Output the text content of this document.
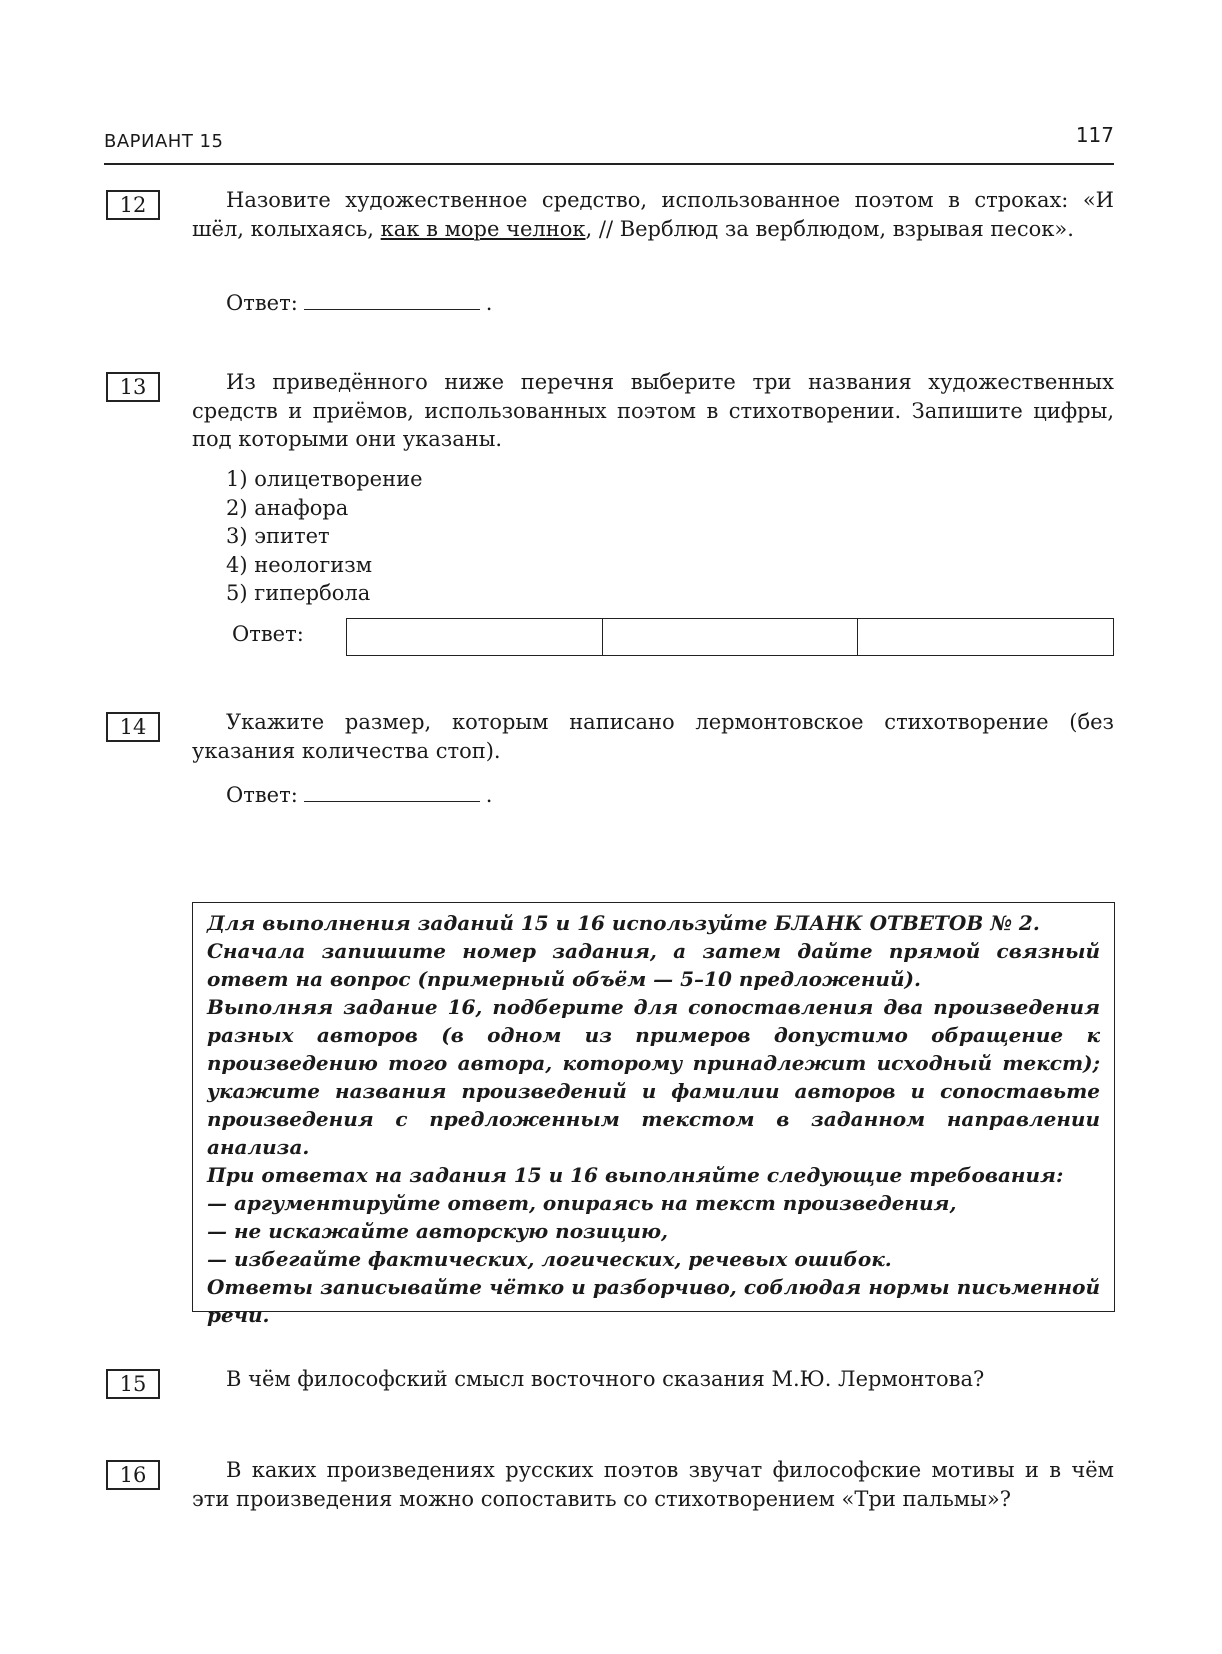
ВАРИАНТ 15	117
12	Назовите художественное средство, использованное поэтом в строках: «И шёл, колыхаясь, как в море челнок, // Верблюд за верблюдом, взрывая песок».
Ответ:	.
13	Из приведённого ниже перечня выберите три названия художественных средств и приёмов, использованных поэтом в стихотворении. Запишите цифры, под которыми они указаны.
1) олицетворение
2) анафора
3) эпитет
4) неологизм
5) гипербола
Ответ:
14	Укажите размер, которым написано лермонтовское стихотворение (без указания количества стоп).
Ответ:	.

Для выполнения заданий 15 и 16 используйте БЛАНК ОТВЕТОВ № 2.

Сначала запишите номер задания, а затем дайте прямой связный ответ на вопрос (примерный объём — 5–10 предложений).

Выполняя задание 16, подберите для сопоставления два произведения разных авторов (в одном из примеров допустимо обращение к произведению того автора, которому принадлежит исходный текст); укажите названия произведений и фамилии авторов и сопоставьте произведения с предложенным текстом в заданном направлении анализа.

При ответах на задания 15 и 16 выполняйте следующие требования:

— аргументируйте ответ, опираясь на текст произведения,

— не искажайте авторскую позицию,

— избегайте фактических, логических, речевых ошибок.

Ответы записывайте чётко и разборчиво, соблюдая нормы письменной речи.

15	В чём философский смысл восточного сказания М.Ю. Лермонтова?
16	В каких произведениях русских поэтов звучат философские мотивы и в чём эти произведения можно сопоставить со стихотворением «Три пальмы»?
